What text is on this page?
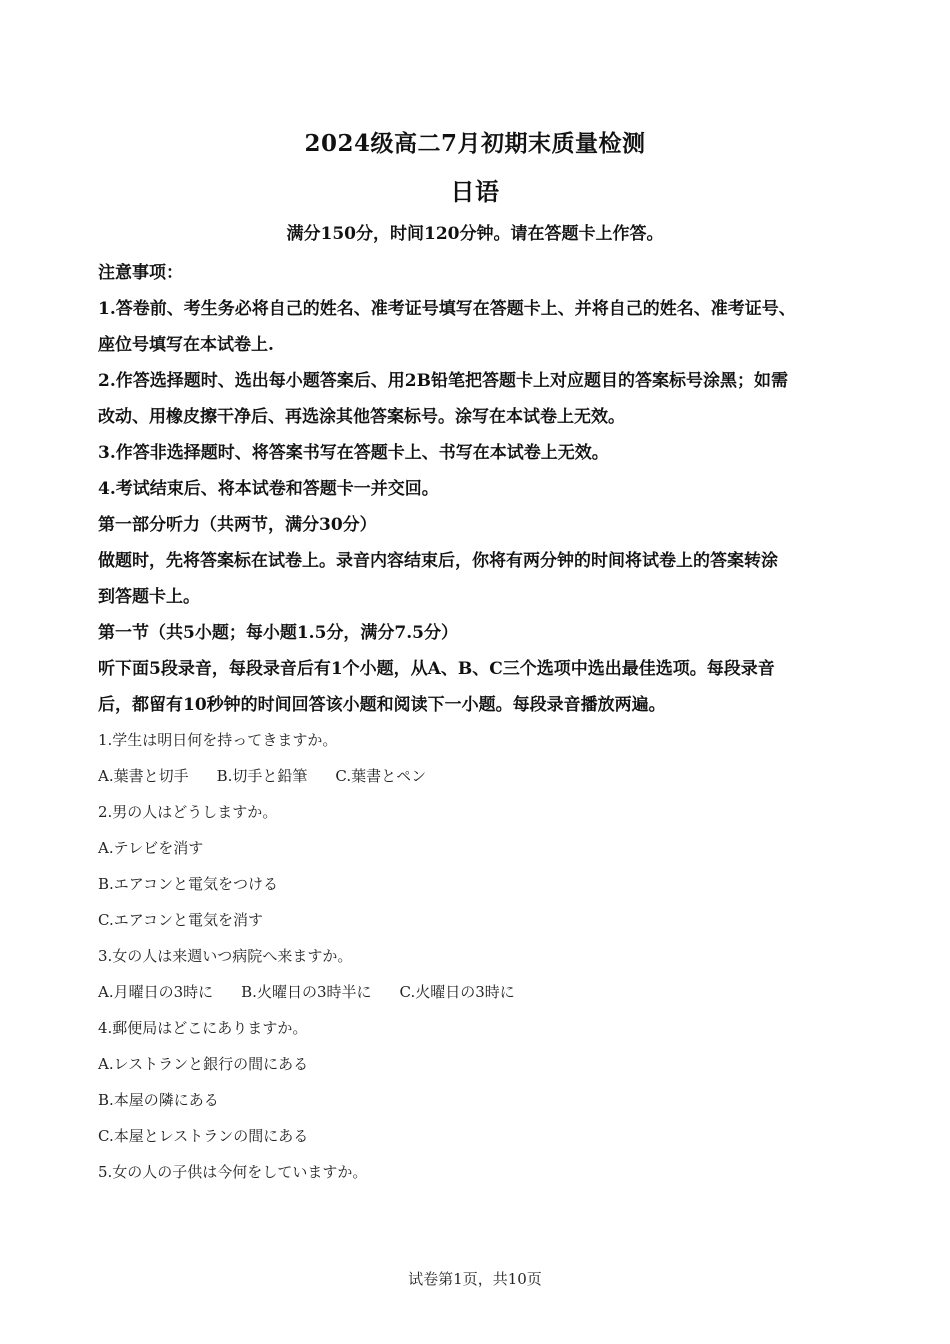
2024级高二7月初期末质量检测
日语
满分150分，时间120分钟。请在答题卡上作答。
注意事项：
1.答卷前、考生务必将自己的姓名、准考证号填写在答题卡上、并将自己的姓名、准考证号、
座位号填写在本试卷上.
2.作答选择题时、选出每小题答案后、用2B铅笔把答题卡上对应题目的答案标号涂黑；如需
改动、用橡皮擦干净后、再选涂其他答案标号。涂写在本试卷上无效。
3.作答非选择题时、将答案书写在答题卡上、书写在本试卷上无效。
4.考试结束后、将本试卷和答题卡一并交回。
第一部分听力（共两节，满分30分）
做题时，先将答案标在试卷上。录音内容结束后，你将有两分钟的时间将试卷上的答案转涂
到答题卡上。
第一节（共5小题；每小题1.5分，满分7.5分）
听下面5段录音，每段录音后有1个小题，从A、B、C三个选项中选出最佳选项。每段录音
后，都留有10秒钟的时间回答该小题和阅读下一小题。每段录音播放两遍。
1.学生は明日何を持ってきますか。
A.葉書と切手 B.切手と鉛筆 C.葉書とペン
2.男の人はどうしますか。
A.テレビを消す
B.エアコンと電気をつける
C.エアコンと電気を消す
3.女の人は来週いつ病院へ来ますか。
A.月曜日の3時に B.火曜日の3時半に C.火曜日の3時に
4.郵便局はどこにありますか。
A.レストランと銀行の間にある
B.本屋の隣にある
C.本屋とレストランの間にある
5.女の人の子供は今何をしていますか。
试卷第1页，共10页
